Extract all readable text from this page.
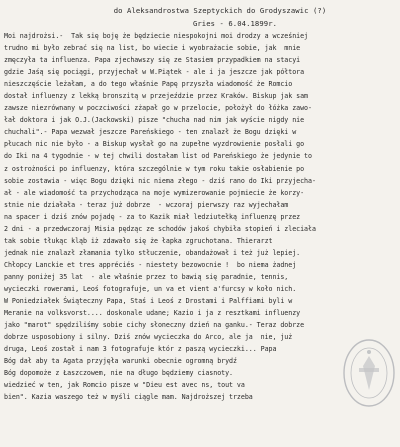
do Aleksandrostwa Szeptyckich do Grodyszawic (?)
Gries - 6.04.1899r.
Moi najdrożsi.-  Tak się boję że będziecie niespokojni moi drodzy a wcześniej
trudno mi było zebrać się na list, bo wiecie i wyobrażacie sobie, jak  mnie
zmęczyła ta influenza. Papa zjechawszy się ze Stasiem przypadkiem na stacyi
gdzie Jaśą się pociągi, przyjechał w W.Piątek - ale i ja jeszcze jak półtora
nieszczęście leżałam, a do tego właśnie Papę przyszła wiadomość że Romcio
dostał influenzy z lekką bronszitą w przejeździe przez Kraków. Biskup jak sam
zawsze niezrównany w poczciwości zżapał go w przelocie, położył do łóżka zawo-
łał doktora i jak O.J.(Jackowski) pisze "chucha nad nim jak wyście nigdy nie
chuchali".- Papa wezwał jeszcze Pareńskiego - ten znalazł że Bogu dzięki w
płucach nic nie było - a Biskup wysłał go na zupełne wyzdrowienie posłali go
do Iki na 4 tygodnie - w tej chwili dostałam list od Pareńskiego że jedynie to
z ostrożności po influenzy, która szczególnie w tym roku takie osłabienie po
sobie zostawia - więc Bogu dzięki nic niema złego - dziś rano do Iki przyjecha-
ał - ale wiadomość ta przychodząca na moje wymizerowanie pojmiecie że korzy-
stnie nie działała - teraz już dobrze  - wczoraj pierwszy raz wyjechałam
na spacer i dziś znów pojadę - za to Kazik miał ledziutełką influenzę przez
2 dni - a przedwczoraj Misia pędząc ze schodów jakoś chybiła stopień i zleciała
tak sobie tłukąc kląb iż zdawało się że łapka zgruchotana. Thierarzt
jednak nie znalazł złamania tylko stłuczenie, obandażował i też już lepiej.
Chłopcy Lanckie et tres appréciés - niestety bezowocnie !  bo niema żadnej
panny poniżej 35 lat  - ale właśnie przez to bawią się paradnie, tennis,
wycieczki rowerami, Leoś fotografuje, un va et vient a'furcsy w koło nich.
W Poniedziałek Świąteczny Papa, Staś i Leoś z Drostami i Palffiami byli w
Meranie na volksvorst.... doskonale udane; Kazio i ja z resztkami influenzy
jako "marot" spędziliśmy sobie cichy słoneczny dzień na ganku.- Teraz dobrze
dobrze usposobiony i silny. Dziś znów wycieczka do Arco, ale ja  nie, już
druga, Leoś został i nam 3 fotografuje któr z paszą wycieczki... Papa
Bóg dał aby ta Agata przyjęła warunki obecnie ogromną brydź
Bóg dopomoże z Łaszczowem, nie na długo będziemy ciasnoty.
wiedzieć w ten, jak Romcio pisze w "Dieu est avec ns, tout va
bien". Kazia waszego też w myśli ciągle mam. Najdroższej trzeba
